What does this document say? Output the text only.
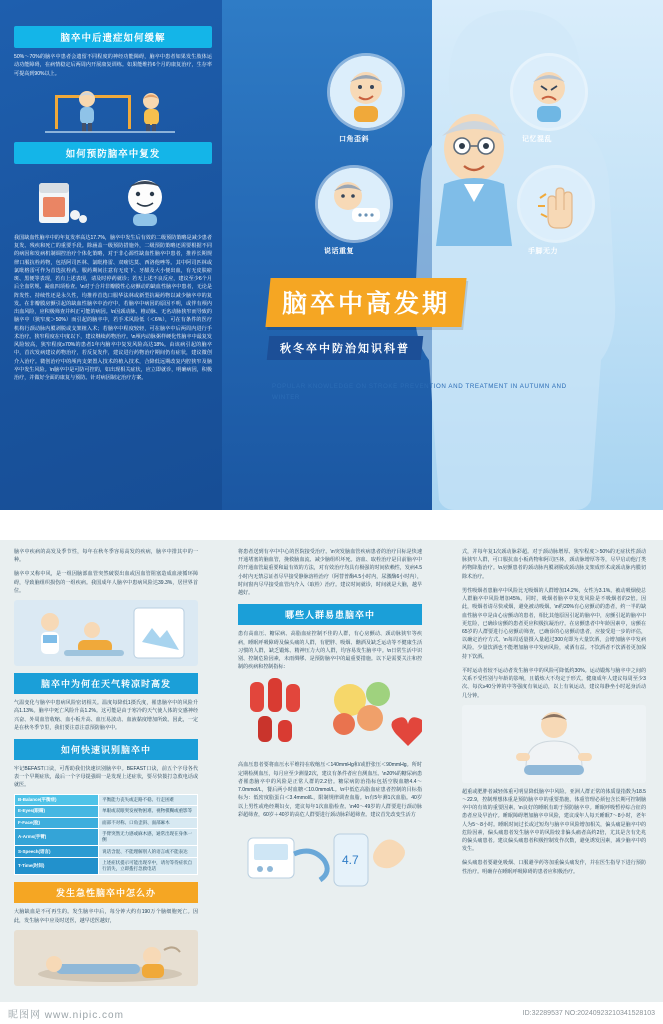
脑卒中后遗症如何缓解
50%～70%的脑卒中患者会遗留不同程度的神经功能障碍，脑卒中患者如果发生肢体运动功能障碍，在病情稳定后两周内开展康复训练。如果能维持6个月的康复治疗，生存率可提高到90%以上。
如何预防脑卒中复发
我国缺血性脑卒中的年复发率高达17.7%，脑卒中发生后有效的二级预防策略是减少患者复发、残疾和死亡的重要手段。除涵盖一级预防措施外，二级预防策略还需要根据不同的病因和发病机制调控治疗个体化策略，对于非心源性缺血性脑卒中患者，推荐长期规律口服抗栓药物，包括阿司匹林、氯吡格雷、双嘧达莫、西洛他唑等。其中阿司匹林或氯吡格雷可作为首选抗栓药。服药期间注意有无皮下、牙龈及大小便出血，有无皮肤瘀斑、黑便等表现，若有上述表现，请及时停药就诊；若无上述不良反应，建议至少6个月后全血常规、凝血四项检查。\n对于合并非瓣膜性心房颤动的缺血性脑卒中患者，无论是阵发性、持续性还是永久性，均推荐首选口服华法林或新型抗凝药物以减少脑卒中的复发。在非瓣膜房颤引起的缺血性脑卒中治疗中，若脑卒中病因的原因不明，或伴有颅内出血风险，应积极筛查并纠正可能的病因。\n因颈动脉、椎动脉、无名动脉狭窄而导致的脑卒中（狭窄度＞50%）而引起的脑卒中，若手术风险低（＜6%），可在有条件的医疗机构行颈动脉内膜剥脱或支架植入术；若脑卒中程度较轻，可在脑卒中后两周内进行手术治疗。狭窄程度在中度以下，建议继续药物治疗。\n颅内动脉粥样硬化性脑卒中最复发风险较高，狭窄程度≥70%的患者1年内脑卒中复发风险高达18%。由该病引起的脑卒中，首次发病建议药物治疗，若反复发作，建议进行药物治疗期间仍有症状，建议微创介入治疗。微创治疗中的颅内支架置入技术的植入技术，合降低远期改复内腔狭窄及脑卒中发生风险。\n脑卒中是可防可控的，如出现相关症状，应立即就诊，明确病因，积极治疗，并做好全面的康复与预防。针对病因制定治疗方案。
口角歪斜	记忆混乱
说话重复	手脚无力
脑卒中高发期
秋冬卒中防治知识科普
POPULAR KNOWLEDGE ON STROKE PREVENTION AND TREATMENT IN AUTUMN AND WINTER
脑卒中疾病的高发及季节性，每年在秋冬季容易高发的疾病，脑卒中排其中的一种。
脑卒中又称中风，是一组因脑部血管突然破裂出血或因血管阻塞造成血液循环障碍，导致脑组织损伤的一组疾病。我国成年人脑卒中患病风险达39.3%，居世界首位。
脑卒中为何在天气转凉时高发
气温变化与脑卒中患病风险密切相关。温度每降低1摄氏度，罹患脑卒中的风险升高1.13%。脑卒中死亡风险升高1.2%。这可能是由于寒冷的天气使人体的交感神经兴奋、外周血管收缩、血小板升高、血压易波动、血液黏度增加所致。因此，一定是在秋冬季节里，我们要注意注意预防脑卒中。
如何快速识别脑卒中
牢记BEFAST口诀，可帮助我们快速识别脑卒中。BEFAST口诀，前五个字母各代表一个早期症状，最后一个字母提强调一是发现上述症状，要尽快拨打急救电话或就医。
B-Balance(平衡症)	平衡能力丧失或走路不稳、行走困难
E-Eyes(眼睛)	单眼或双眼突发视物困难、视物模糊或重影等
F-Face(脸)	面部不对称、口角歪斜、面部麻木
A-Arms(手臂)	手臂突然无力感或麻木感，通常出现在身体一侧
S-Speech(语言)	说话含混、不能理解别人的语言或不能表达
T-Time(时间)	上述症状提示可能出现卒中，请勿等待症状自行消失，立即拨打急救电话
发生急性脑卒中怎么办
大脑缺血是不可再生的。发生脑卒中后，每分钟大约有190万个脑细胞死亡。因此，发生脑卒中应及时送医，越早送医越好，
将患者送到有卒中中心的医院接受治疗。\n突发脑血管疾病患者的治疗目标是快速开通堵塞的脑血管，挽救脑血流、减少脑组织坏死。溶血、取栓治疗是目前脑卒中的开通血管最重要和最有效的方法，对有效治疗均具有极强的时间依赖性，发病4.5小时内无禁忌证者尽早接受静脉溶栓治疗（阿替普酶4.5小时内，尿激酶6小时内），时间窗内尽早接受血管内介入（取栓）治疗。建议时间就诊，时间就是大脑，越早越好。
哪些人群易患脑卒中
患有高血压、糖尿病、高脂血症控制不佳的人群，有心房颤动、颈动脉狭窄等疾病，睡眠呼吸障碍及偏头痛的人群，有肥胖、吸烟、酗酒及缺乏运动等不健康生活习惯的人群，缺乏锻炼、精神压力大的人群，均容易发生脑卒中。\n日常生活中识别、控制危险因素，未雨绸缪、是预防脑卒中的最重要措施。以下是需要关注和控制的疾病和控制指标：
高血压患者要将血压水平维持在收缩压＜140mmHg和/或舒张压＜90mmHg。所时定期检测血压，每月应至少测量2次，建议有条件者应自测血压。\n20%的糖尿病患者罹患脑卒中的风险是正常人群的2.2倍。糖尿病防治指标包括空腹血糖4.4～7.0mmol/L，餐后两小时血糖＜10.0mmol/L。\n中低危高脂血症患者控制的目标指标为：低密度脂蛋白＜3.4mmol/L，限制规律调查血脂。\n有5年测1次血脂。40岁以上男性或绝经期妇女，建议每年1次血脂检查。\n40～49岁的人群要进行颈动脉彩超筛查，60岁＋40岁的高危人群要进行颈动脉彩超筛查。建议首先改变生活方
4.7
式，并每年复1次颈动脉彩超。对于颈动脉增厚、狭窄程度＞50%的无症状性颈动脉狭窄人群，可口服抗血小板药物和阿司匹林，颈动脉增厚等等，尽早启动他汀类药物降脂治疗。\n房颤患者的颈动脉内膜剥脱或颈动脉支架成形术或颈动脉内膜切除术治疗。
男性吸烟者患脑卒中风险比无吸烟的人群增加14.2%，女性为3.1%。被动吸烟使总人群脑卒中风险增加45%。同时，吸烟者脑卒中复发风险是不吸烟者的2倍。因此，吸烟者请尽快戒烟，避免被动吸烟。\n约20%有心房颤动的患者，约一半的缺血性脑卒中是由心房颤动的患者，相比其他原因引起的脑卒中，房颤引起的脑卒中更危险，已确诊房颤的患者更应积极抗凝治疗。在房颤患者中年龄因素中，房颤在65岁的人群要进行心房颤动筛查，已确诊的心房颤动患者，应接受进一步的评估，以确定治疗方式。\n每周适量摄入量超过300克即为大量饮酒，会增加脑卒中发病风险。少量饮酒也不能增加脑卒中发病风险，戒酒有益。不饮酒者不饮酒者更加保持下饮酒。
平时运动者较不运动者发生脑卒中的风险可降低约30%。运动锻炼与脑卒中之间的关系不受性别与年龄的影响，且锻炼大不均定于形式。健康成年人建议每周至少3次、每次≥40分钟的中等强度有氧运动，以上有氧运动，建议每静坐小时起身活动几分钟。
超重或肥胖者减轻体重可明显降低脑卒中风险。亚洲人群正常的体质量指数为18.5～22.9，控制理想体重是预防脑卒中的重要措施，体重管理必须包含长期可控制脑卒中的有效的重要因素。\n良好的睡眠有助于预防脑卒中。睡眠呼吸暂停综合征的患者应及早治疗。睡眠障碍增加脑卒中风险，建议成年人每天睡眠7～8小时，老年人为5～8小时。睡眠时间过长或过短均与脑卒中风险增加相关，偏头痛是脑卒中的危险因素，偏头痛患者发生脑卒中的风险较非偏头痛者高约2倍，尤其是含有先兆的偏头痛患者。建议偏头痛患者积极控制发作次数，避免诱发因素，减少脑卒中的发生。
偏头痛患者要避免吸烟、口服避孕药等加重偏头痛发作，并在医生指导下进行预防性治疗。明确存在睡眠呼吸障碍的患者应积极治疗。
昵图网 www.nipic.com	ID:32289537 NO:20240923210341528103
